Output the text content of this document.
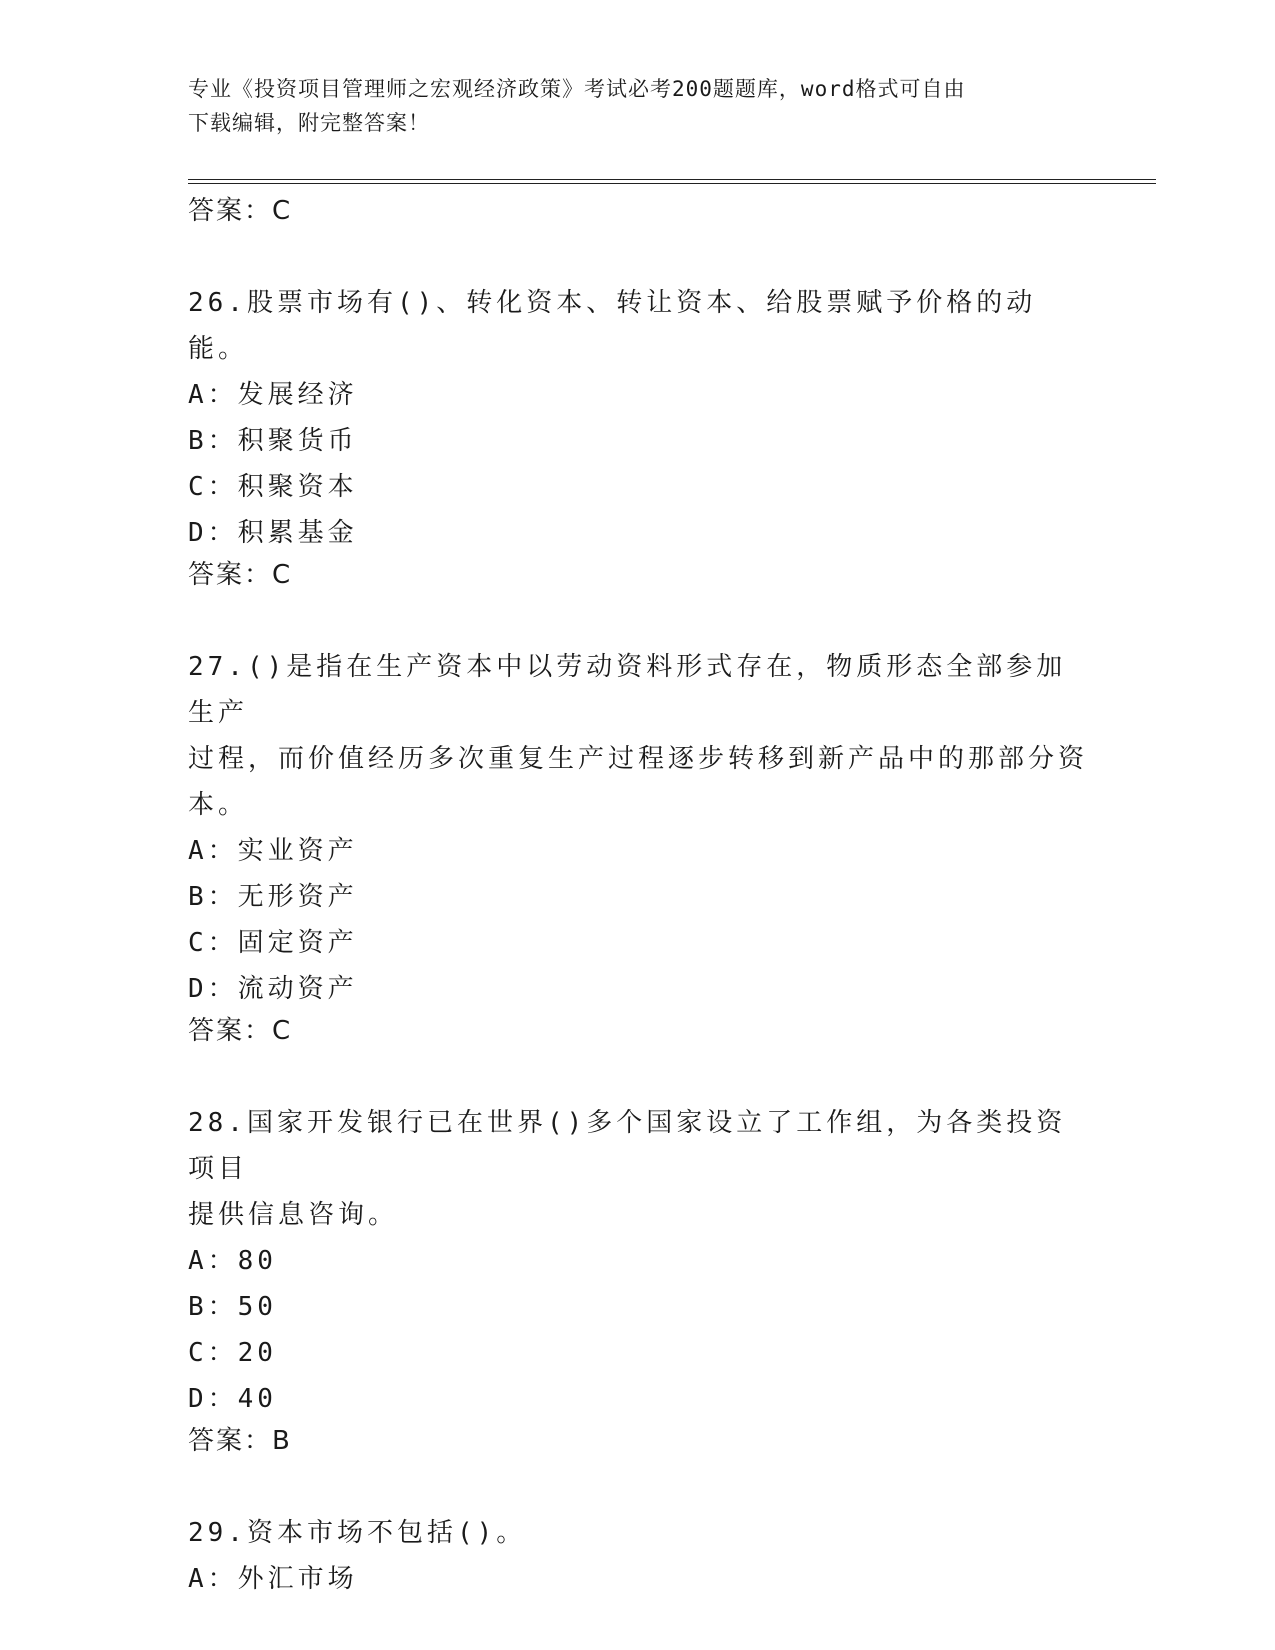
专业《投资项目管理师之宏观经济政策》考试必考200题题库，word格式可自由
下载编辑，附完整答案！
答案：C
26.股票市场有()、转化资本、转让资本、给股票赋予价格的动能。
A：发展经济
B：积聚货币
C：积聚资本
D：积累基金
答案：C
27.()是指在生产资本中以劳动资料形式存在，物质形态全部参加生产
过程，而价值经历多次重复生产过程逐步转移到新产品中的那部分资
本。
A：实业资产
B：无形资产
C：固定资产
D：流动资产
答案：C
28.国家开发银行已在世界()多个国家设立了工作组，为各类投资项目
提供信息咨询。
A：80
B：50
C：20
D：40
答案：B
29.资本市场不包括()。
A：外汇市场
